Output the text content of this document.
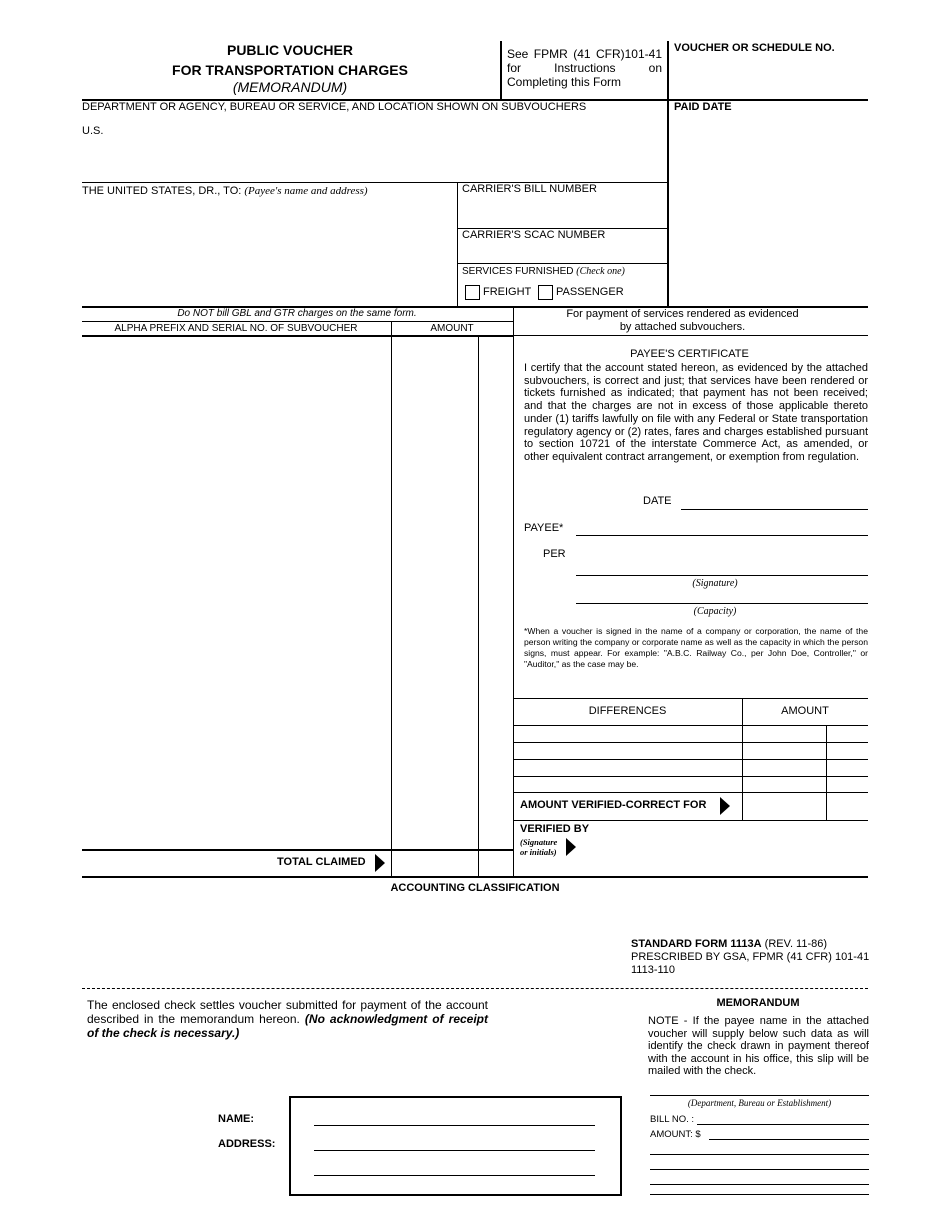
PUBLIC VOUCHER
FOR TRANSPORTATION CHARGES
(MEMORANDUM)
See FPMR (41 CFR)101-41 for Instructions on Completing this Form
VOUCHER OR SCHEDULE NO.
DEPARTMENT OR AGENCY, BUREAU OR SERVICE, AND LOCATION SHOWN ON SUBVOUCHERS
U.S.
PAID DATE
THE UNITED STATES, DR., TO: (Payee's name and address)	CARRIER'S BILL NUMBER
CARRIER'S SCAC NUMBER
SERVICES FURNISHED (Check one)
FREIGHT PASSENGER
Do NOT bill GBL and GTR charges on the same form.
ALPHA PREFIX AND SERIAL NO. OF SUBVOUCHER	AMOUNT
TOTAL CLAIMED
For payment of services rendered as evidenced by attached subvouchers.
PAYEE'S CERTIFICATE
I certify that the account stated hereon, as evidenced by the attached subvouchers, is correct and just; that services have been rendered or tickets furnished as indicated; that payment has not been received; and that the charges are not in excess of those applicable thereto under (1) tariffs lawfully on file with any Federal or State transportation regulatory agency or (2) rates, fares and charges established pursuant to section 10721 of the interstate Commerce Act, as amended, or other equivalent contract arrangement, or exemption from regulation.
DATE
PAYEE*
PER
(Signature)
(Capacity)
*When a voucher is signed in the name of a company or corporation, the name of the person writing the company or corporate name as well as the capacity in which the person signs, must appear. For example: "A.B.C. Railway Co., per John Doe, Controller," or "Auditor," as the case may be.
DIFFERENCES	AMOUNT
AMOUNT VERIFIED-CORRECT FOR
VERIFIED BY
(Signature
or initials)
ACCOUNTING CLASSIFICATION
STANDARD FORM 1113A (REV. 11-86)
PRESCRIBED BY GSA, FPMR (41 CFR) 101-41
1113-110
The enclosed check settles voucher submitted for payment of the account described in the memorandum hereon. (No acknowledgment of receipt of the check is necessary.)
MEMORANDUM
NOTE - If the payee name in the attached voucher will supply below such data as will identify the check drawn in payment thereof with the account in his office, this slip will be mailed with the check.
(Department, Bureau or Establishment)
BILL NO. :
AMOUNT: $
NAME:
ADDRESS:
